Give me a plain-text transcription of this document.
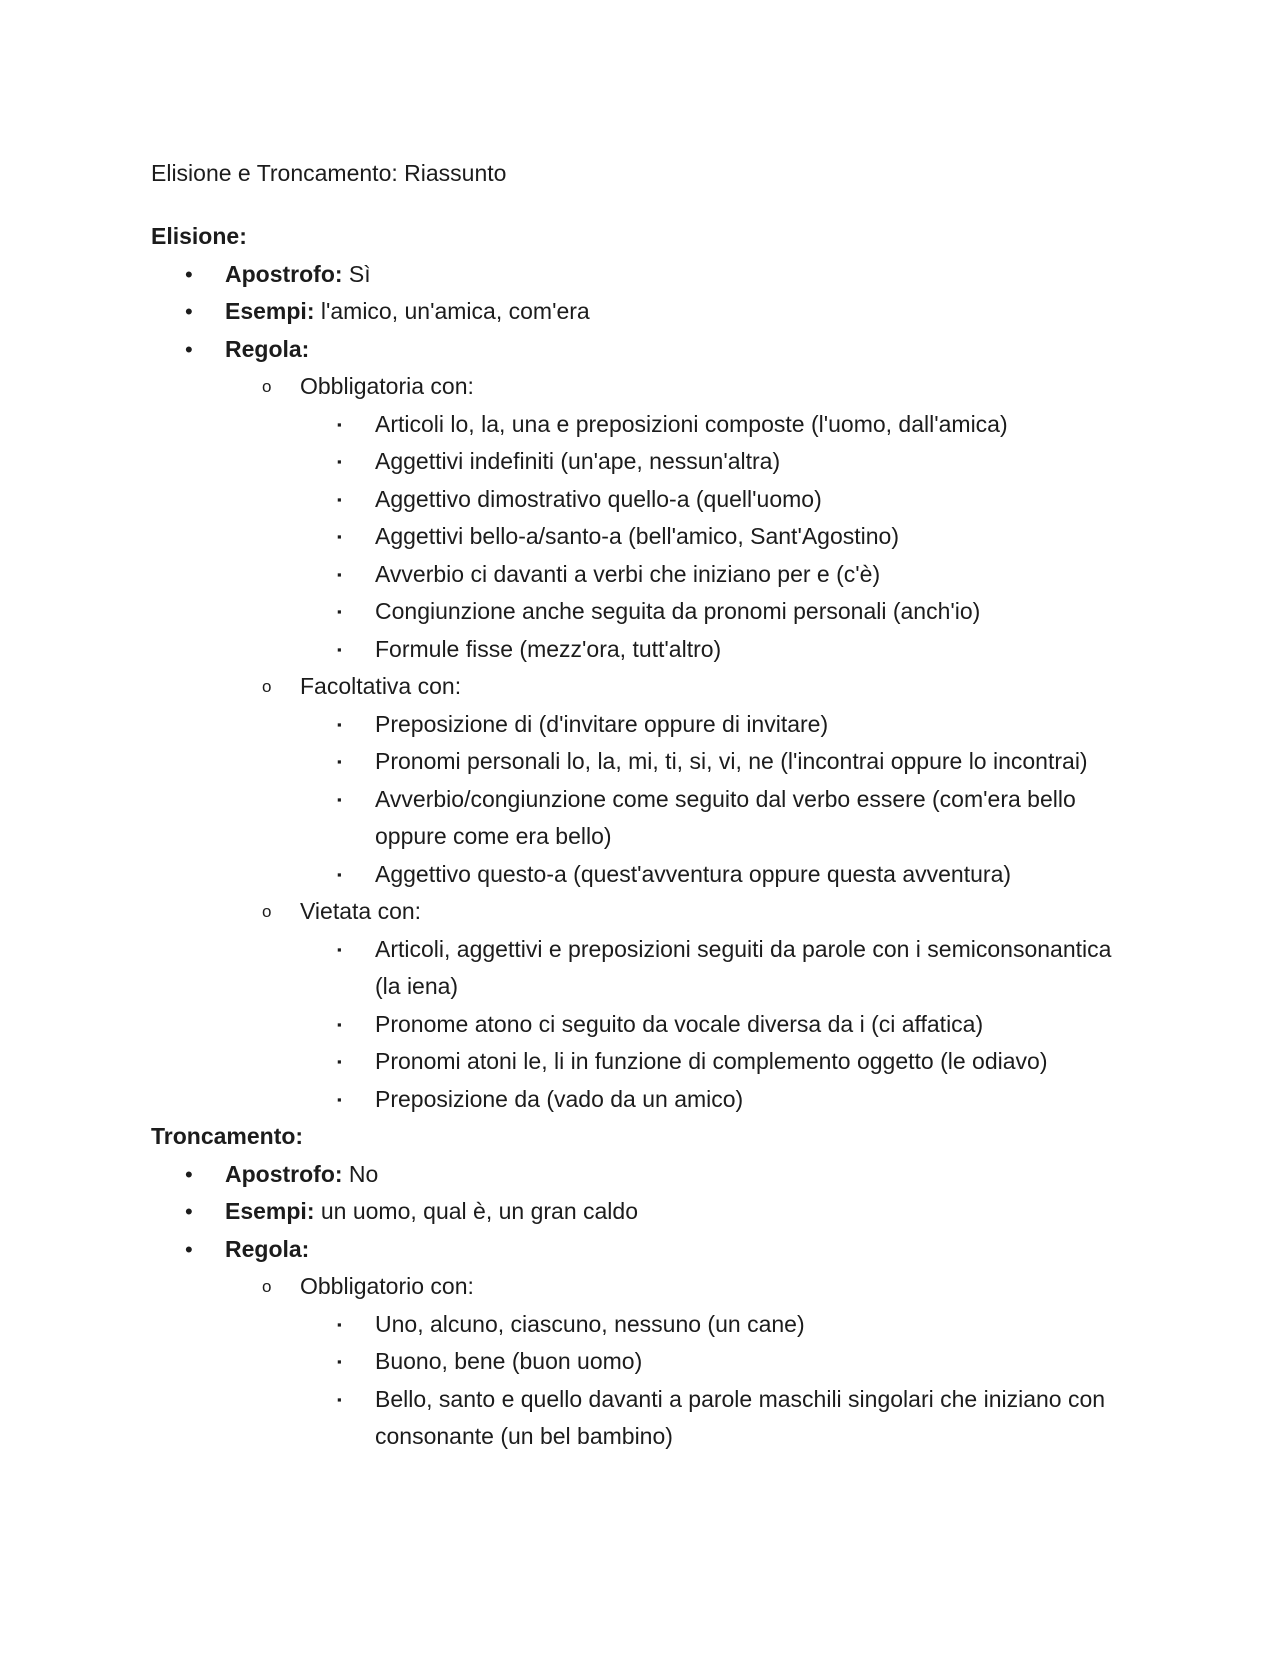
Elisione e Troncamento: Riassunto
Elisione:
• Apostrofo: Sì
• Esempi: l'amico, un'amica, com'era
• Regola:
o Obbligatoria con:
▪ Articoli lo, la, una e preposizioni composte (l'uomo, dall'amica)
▪ Aggettivi indefiniti (un'ape, nessun'altra)
▪ Aggettivo dimostrativo quello-a (quell'uomo)
▪ Aggettivi bello-a/santo-a (bell'amico, Sant'Agostino)
▪ Avverbio ci davanti a verbi che iniziano per e (c'è)
▪ Congiunzione anche seguita da pronomi personali (anch'io)
▪ Formule fisse (mezz'ora, tutt'altro)
o Facoltativa con:
▪ Preposizione di (d'invitare oppure di invitare)
▪ Pronomi personali lo, la, mi, ti, si, vi, ne (l'incontrai oppure lo incontrai)
▪ Avverbio/congiunzione come seguito dal verbo essere (com'era bello oppure come era bello)
▪ Aggettivo questo-a (quest'avventura oppure questa avventura)
o Vietata con:
▪ Articoli, aggettivi e preposizioni seguiti da parole con i semiconsonantica (la iena)
▪ Pronome atono ci seguito da vocale diversa da i (ci affatica)
▪ Pronomi atoni le, li in funzione di complemento oggetto (le odiavo)
▪ Preposizione da (vado da un amico)
Troncamento:
• Apostrofo: No
• Esempi: un uomo, qual è, un gran caldo
• Regola:
o Obbligatorio con:
▪ Uno, alcuno, ciascuno, nessuno (un cane)
▪ Buono, bene (buon uomo)
▪ Bello, santo e quello davanti a parole maschili singolari che iniziano con consonante (un bel bambino)
